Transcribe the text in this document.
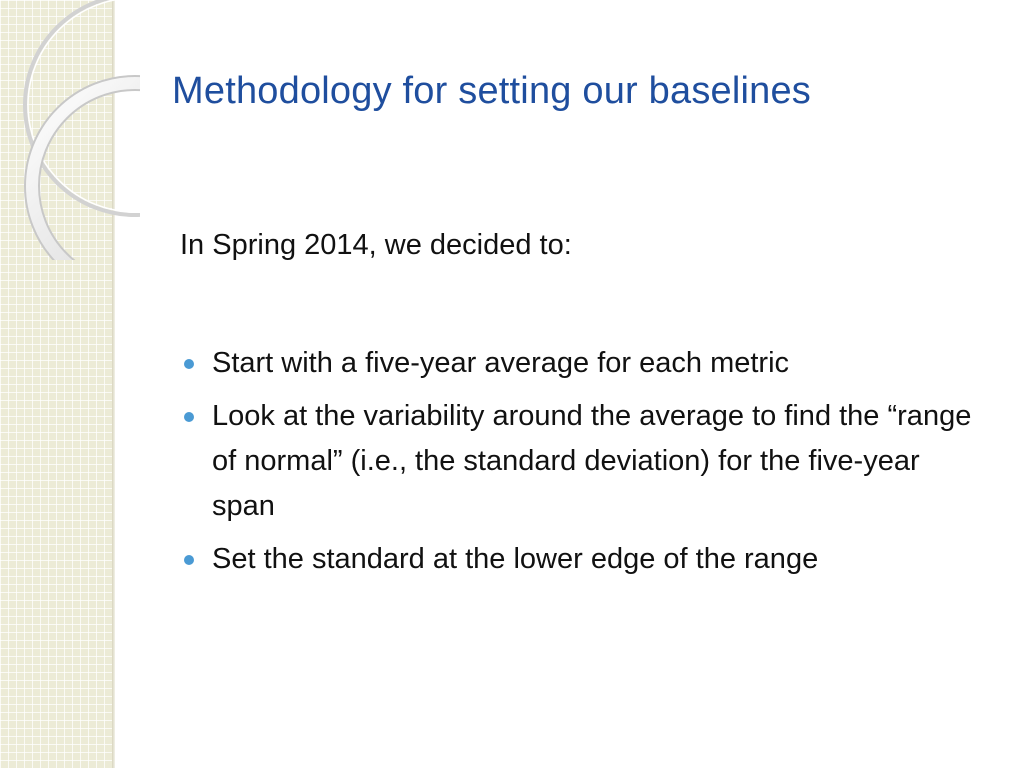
Methodology for setting our baselines

In Spring 2014, we decided to:

Start with a five-year average for each metric
Look at the variability around the average to find the “range of normal” (i.e., the standard deviation) for the five-year span
Set the standard at the lower edge of the range
